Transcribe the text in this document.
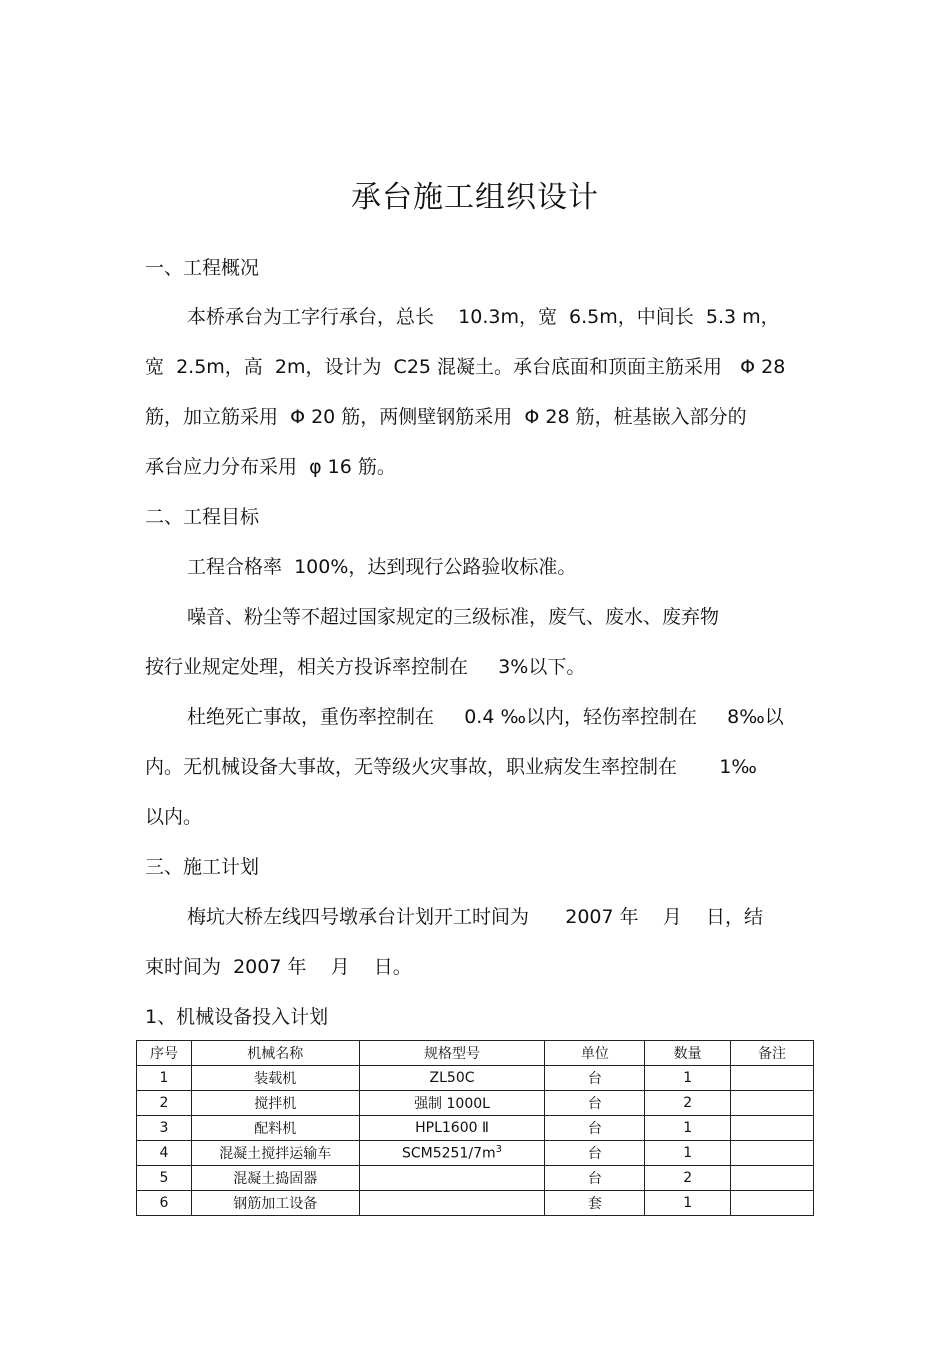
承台施工组织设计
一、工程概况
本桥承台为工字行承台，总长    10.3m，宽  6.5m，中间长  5.3 m，
宽  2.5m，高  2m，设计为  C25 混凝土。承台底面和顶面主筋采用   Φ 28
筋，加立筋采用  Φ 20 筋，两侧壁钢筋采用  Φ 28 筋，桩基嵌入部分的
承台应力分布采用  φ 16 筋。
二、工程目标
工程合格率  100%，达到现行公路验收标准。
噪音、粉尘等不超过国家规定的三级标准，废气、废水、废弃物
按行业规定处理，相关方投诉率控制在     3%以下。
杜绝死亡事故，重伤率控制在     0.4 ‰以内，轻伤率控制在     8‰以
内。无机械设备大事故，无等级火灾事故，职业病发生率控制在       1‰
以内。
三、施工计划
梅坑大桥左线四号墩承台计划开工时间为      2007 年    月    日，结
束时间为  2007 年    月    日。
1、机械设备投入计划
序号	机械名称	规格型号	单位	数量	备注
1	装载机	ZL50C	台	1	
2	搅拌机	强制 1000L	台	2	
3	配料机	HPL1600 Ⅱ	台	1	
4	混凝土搅拌运输车	$SCM5251/7m^3$	台	1	
5	混凝土捣固器		台	2	
6	钢筋加工设备		套	1	
